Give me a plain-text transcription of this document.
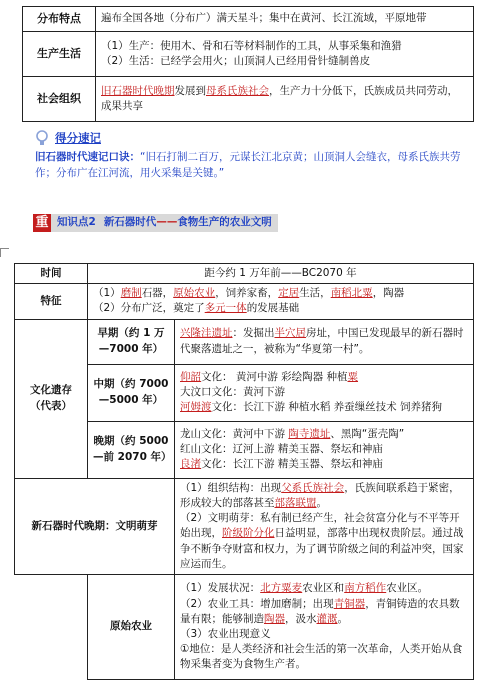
分布特点	遍布全国各地（分布广）满天星斗；集中在黄河、长江流域，平原地带
生产生活	（1）生产：使用木、骨和石等材料制作的工具，从事采集和渔猎
（2）生活：已经学会用火；山顶洞人已经用骨针缝制兽皮

社会组织	旧石器时代晚期发展到母系氏族社会，生产力十分低下，氏族成员共同劳动，成果共享
得分速记
旧石器时代速记口诀：“旧石打制二百万，元谋长江北京黄；山顶洞人会缝衣，母系氏族共劳作；分布广在江河流，用火采集是关键。”
重 知识点2 新石器时代——食物生产的农业文明
时间	距今约 1 万年前——BC2070 年	
特征	（1）磨制石器，原始农业，饲养家畜，定居生活，南稻北粟，陶器
（2）分布广泛，奠定了多元一体的发展基础	

文化遗存（代表）	早期（约 1 万—7000 年）	兴隆洼遗址：发掘出半穴居房址，中国已发现最早的新石器时代聚落遗址之一，被称为“华夏第一村”。
	中期（约 7000—5000 年）	仰韶文化： 黄河中游 彩绘陶器 种植粟
大汶口文化：黄河下游
河姆渡文化：长江下游 种植水稻 养蚕缫丝技术 饲养猪狗

	晚期（约 5000—前 2070 年）	龙山文化：黄河中下游 陶寺遗址、黑陶“蛋壳陶”
红山文化：辽河上游 精美玉器、祭坛和神庙
良渚文化：长江下游 精美玉器、祭坛和神庙

新石器时代晚期：文明萌芽		（1）组织结构：出现父系氏族社会，氏族间联系趋于紧密，形成较大的部落甚至部落联盟。
（2）文明萌芽：私有制已经产生，社会贫富分化与不平等开始出现，阶级阶分化日益明显，部落中出现权贵阶层。通过战争不断争夺财富和权力，为了调节阶级之间的利益冲突，国家应运而生。

	原始农业	（1）发展状况：北方粟麦农业区和南方稻作农业区。
（2）农业工具：增加磨制；出现青铜器，青铜铸造的农具数量有限；能够制造陶器，汲水灌溉。
（3）农业出现意义
①地位：是人类经济和社会生活的第一次革命，人类开始从食物采集者变为食物生产者。
